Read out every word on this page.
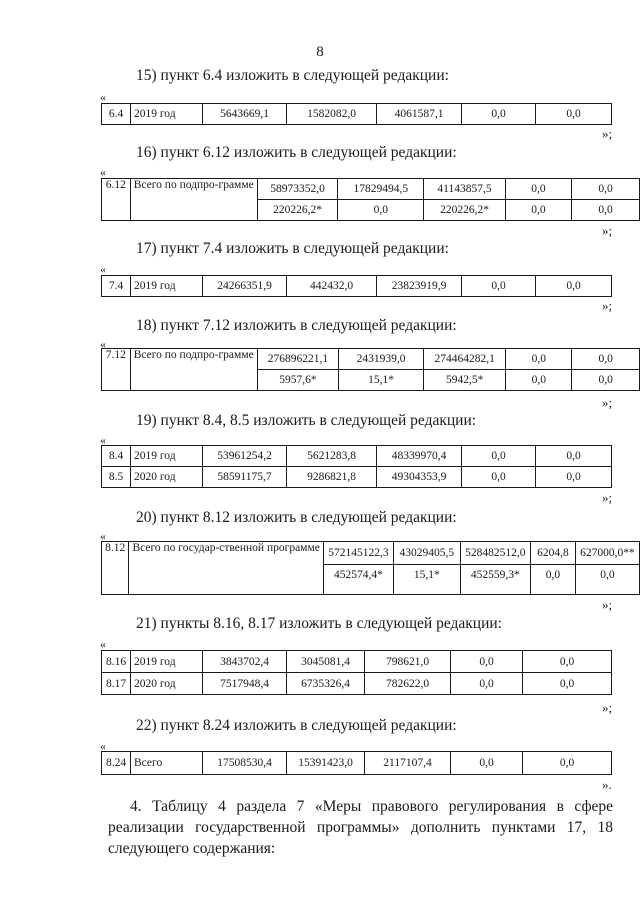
8
15) пункт 6.4 изложить в следующей редакции:
«
6.4	2019 год	5643669,1	1582082,0	4061587,1	0,0	0,0
»;
16) пункт 6.12 изложить в следующей редакции:
«
6.12	Всего по подпро-грамме	58973352,0	17829494,5	41143857,5	0,0	0,0
		220226,2*	0,0	220226,2*	0,0	0,0
»;
17) пункт 7.4 изложить в следующей редакции:
«
7.4	2019 год	24266351,9	442432,0	23823919,9	0,0	0,0
»;
18) пункт 7.12 изложить в следующей редакции:
«
7.12	Всего по подпро-грамме	276896221,1	2431939,0	274464282,1	0,0	0,0
		5957,6*	15,1*	5942,5*	0,0	0,0
»;
19) пункт 8.4, 8.5 изложить в следующей редакции:
«
8.4	2019 год	53961254,2	5621283,8	48339970,4	0,0	0,0
8.5	2020 год	58591175,7	9286821,8	49304353,9	0,0	0,0
»;
20) пункт 8.12 изложить в следующей редакции:
«
8.12	Всего по государ-ственной программе	572145122,3	43029405,5	528482512,0	6204,8	627000,0**
		452574,4*	15,1*	452559,3*	0,0	0,0
»;
21) пункты 8.16, 8.17 изложить в следующей редакции:
«
8.16	2019 год	3843702,4	3045081,4	798621,0	0,0	0,0
8.17	2020 год	7517948,4	6735326,4	782622,0	0,0	0,0
»;
22) пункт 8.24 изложить в следующей редакции:
«
8.24	Всего	17508530,4	15391423,0	2117107,4	0,0	0,0
».

4. Таблицу 4 раздела 7 «Меры правового регулирования в сфере реализации государственной программы» дополнить пунктами 17, 18 следующего содержания:
